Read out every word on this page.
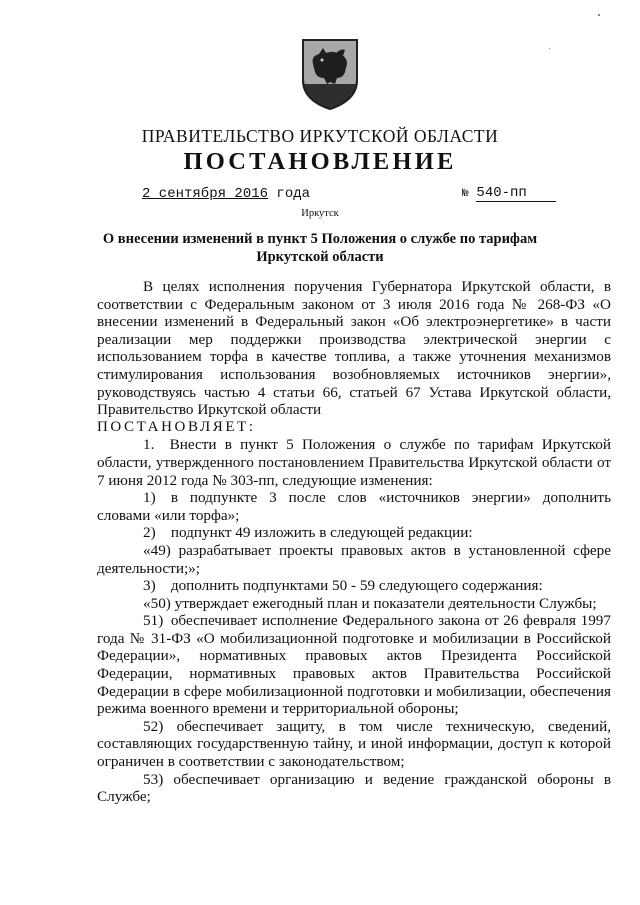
ПРАВИТЕЛЬСТВО ИРКУТСКОЙ ОБЛАСТИ
ПОСТАНОВЛЕНИЕ
2 сентября 2016 года	№ 540-пп
Иркутск
О внесении изменений в пункт 5 Положения о службе по тарифам Иркутской области

В целях исполнения поручения Губернатора Иркутской области, в соответствии с Федеральным законом от 3 июля 2016 года № 268-ФЗ «О внесении изменений в Федеральный закон «Об электроэнергетике» в части реализации мер поддержки производства электрической энергии с использованием торфа в качестве топлива, а также уточнения механизмов стимулирования использования возобновляемых источников энергии», руководствуясь частью 4 статьи 66, статьей 67 Устава Иркутской области, Правительство Иркутской области

ПОСТАНОВЛЯЕТ:

1. Внести в пункт 5 Положения о службе по тарифам Иркутской области, утвержденного постановлением Правительства Иркутской области от 7 июня 2012 года № 303-пп, следующие изменения:

1) в подпункте 3 после слов «источников энергии» дополнить словами «или торфа»;

2) подпункт 49 изложить в следующей редакции:

«49) разрабатывает проекты правовых актов в установленной сфере деятельности;»;

3) дополнить подпунктами 50 - 59 следующего содержания:

«50) утверждает ежегодный план и показатели деятельности Службы;

51) обеспечивает исполнение Федерального закона от 26 февраля 1997 года № 31-ФЗ «О мобилизационной подготовке и мобилизации в Российской Федерации», нормативных правовых актов Президента Российской Федерации, нормативных правовых актов Правительства Российской Федерации в сфере мобилизационной подготовки и мобилизации, обеспечения режима военного времени и территориальной обороны;

52) обеспечивает защиту, в том числе техническую, сведений, составляющих государственную тайну, и иной информации, доступ к которой ограничен в соответствии с законодательством;

53) обеспечивает организацию и ведение гражданской обороны в Службе;
